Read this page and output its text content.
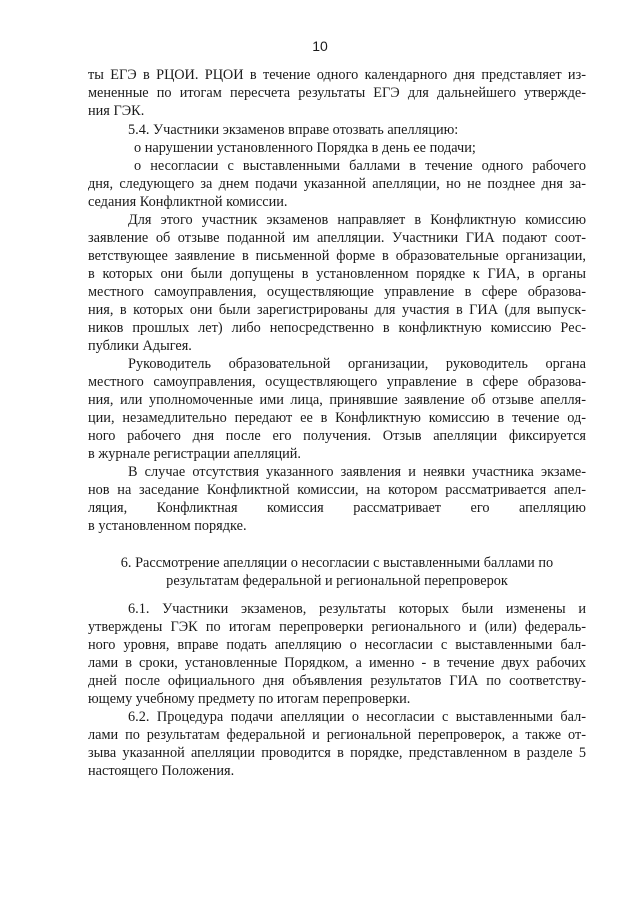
10
ты ЕГЭ в РЦОИ. РЦОИ в течение одного календарного дня представляет из-
мененные по итогам пересчета результаты ЕГЭ для дальнейшего утвержде-
ния ГЭК.
5.4. Участники экзаменов вправе отозвать апелляцию:
о нарушении установленного Порядка в день ее подачи;
о несогласии с выставленными баллами в течение одного рабочего
дня, следующего за днем подачи указанной апелляции, но не позднее дня за-
седания Конфликтной комиссии.
Для этого участник экзаменов направляет в Конфликтную комиссию
заявление об отзыве поданной им апелляции. Участники ГИА подают соот-
ветствующее заявление в письменной форме в образовательные организации,
в которых они были допущены в установленном порядке к ГИА, в органы
местного самоуправления, осуществляющие управление в сфере образова-
ния, в которых они были зарегистрированы для участия в ГИА (для выпуск-
ников прошлых лет) либо непосредственно в конфликтную комиссию Рес-
публики Адыгея.
Руководитель образовательной организации, руководитель органа
местного самоуправления, осуществляющего управление в сфере образова-
ния, или уполномоченные ими лица, принявшие заявление об отзыве апелля-
ции, незамедлительно передают ее в Конфликтную комиссию в течение од-
ного рабочего дня после его получения. Отзыв апелляции фиксируется
в журнале регистрации апелляций.
В случае отсутствия указанного заявления и неявки участника экзаме-
нов на заседание Конфликтной комиссии, на котором рассматривается апел-
ляция, Конфликтная комиссия рассматривает его апелляцию
в установленном порядке.
6. Рассмотрение апелляции о несогласии с выставленными баллами по
результатам федеральной и региональной перепроверок
6.1. Участники экзаменов, результаты которых были изменены и
утверждены ГЭК по итогам перепроверки регионального и (или) федераль-
ного уровня, вправе подать апелляцию о несогласии с выставленными бал-
лами в сроки, установленные Порядком, а именно - в течение двух рабочих
дней после официального дня объявления результатов ГИА по соответству-
ющему учебному предмету по итогам перепроверки.
6.2. Процедура подачи апелляции о несогласии с выставленными бал-
лами по результатам федеральной и региональной перепроверок, а также от-
зыва указанной апелляции проводится в порядке, представленном в разделе 5
настоящего Положения.
